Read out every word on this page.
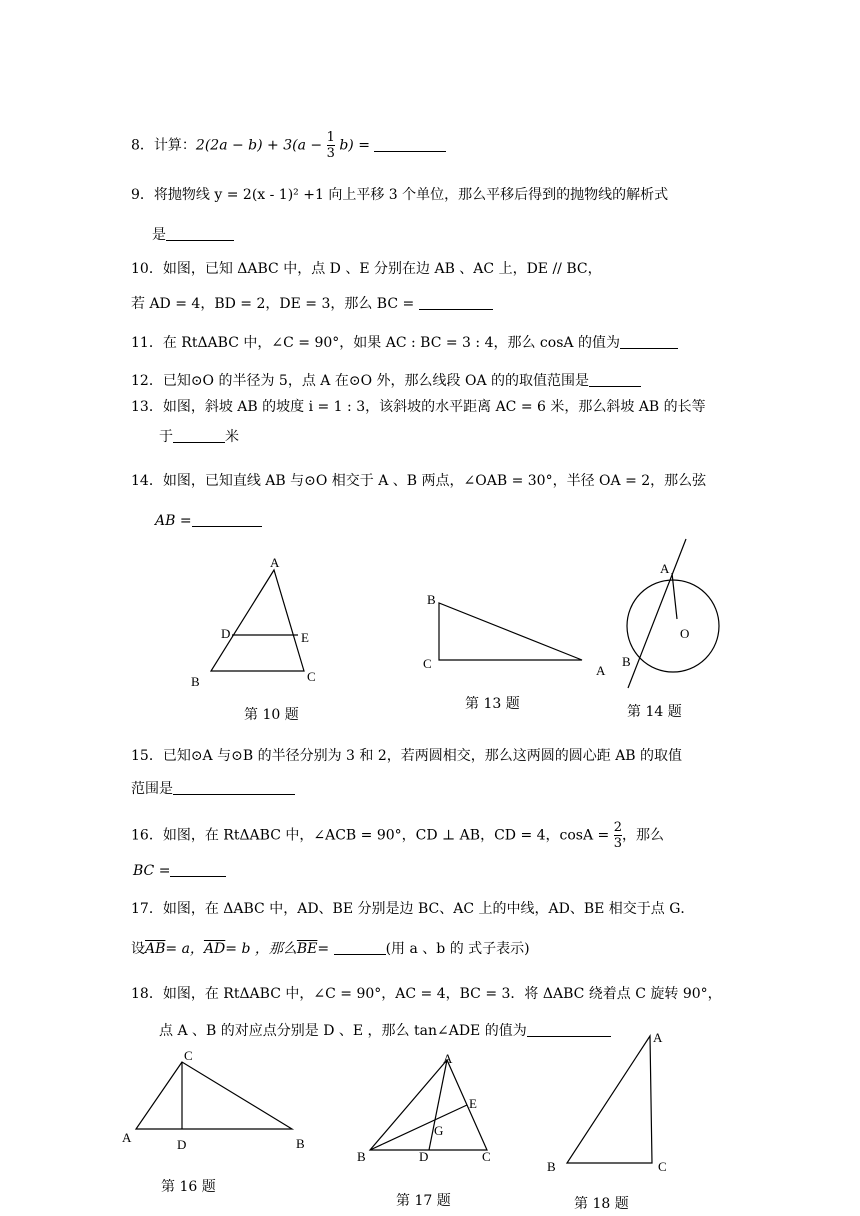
8．计算：$2(2a - b) + 3(a - \frac{1}{3} b)$ =
9．将抛物线 y = 2(x - 1)² +1 向上平移 3 个单位，那么平移后得到的抛物线的解析式
是
10．如图，已知 ΔABC 中，点 D 、E 分别在边 AB 、AC 上，DE // BC，
若 AD = 4，BD = 2，DE = 3，那么 BC =
11．在 RtΔABC 中，∠C = 90°，如果 AC : BC = 3 : 4，那么 cosA 的值为
12．已知⊙O 的半径为 5，点 A 在⊙O 外，那么线段 OA 的的取值范围是
13．如图，斜坡 AB 的坡度 i = 1 : 3，该斜坡的水平距离 AC = 6 米，那么斜坡 AB 的长等
于	米
14．如图，已知直线 AB 与⊙O 相交于 A 、B 两点，∠OAB = 30°，半径 OA = 2，那么弦
AB =
A
B	C
D	E
第 10 题
B
C	A
第 13 题
A
O
B
第 14 题
15．已知⊙A 与⊙B 的半径分别为 3 和 2，若两圆相交，那么这两圆的圆心距 AB 的取值
范围是
16．如图，在 RtΔABC 中，∠ACB = 90°，CD ⊥ AB，CD = 4，$\cos A = \frac{2}{3}$ ，那么
BC =
17．如图，在 ΔABC 中，AD、BE 分别是边 BC、AC 上的中线，AD、BE 相交于点 G．
设$\overline{AB}= a$，$\overline{AD}= b$ ，那么$\overline{BE}=$	(用 a 、b 的 式子表示)
18．如图，在 RtΔABC 中，∠C = 90°，AC = 4，BC = 3．将 ΔABC 绕着点 C 旋转 90°，
点 A 、B 的对应点分别是 D 、E ，那么 tan∠ADE 的值为
C
A	D	B
第 16 题
A
E
G
B	D	C
第 17 题
A
B	C
第 18 题
